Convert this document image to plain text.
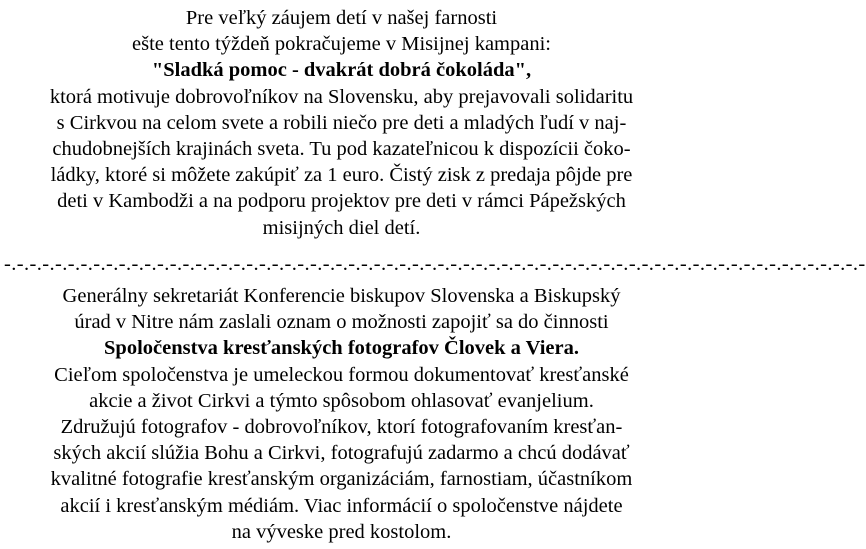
Pre veľký záujem detí v našej farnosti
ešte tento týždeň pokračujeme v Misijnej kampani:
"Sladká pomoc - dvakrát dobrá čokoláda",
ktorá motivuje dobrovoľníkov na Slovensku, aby prejavovali solidaritu
s Cirkvou na celom svete a robili niečo pre deti a mladých ľudí v naj-
chudobnejších krajinách sveta. Tu pod kazateľnicou k dispozícii čoko-
ládky, ktoré si môžete zakúpiť za 1 euro. Čistý zisk z predaja pôjde pre
deti v Kambodži a na podporu projektov pre deti v rámci Pápežských
misijných diel detí.
-.-.-.-.-.-.-.-.-.-.-.-.-.-.-.-.-.-.-.-.-.-.-.-.-.-.-.-.-.-.-.-.-.-.-.-.-.-.-.-.-.-.-.-.-.-.-.-.-.-.-.-.-.-.-.-.-.-.-.-.-.-.-.-.-.-.-.-
Generálny sekretariát Konferencie biskupov Slovenska a Biskupský
úrad v Nitre nám zaslali oznam o možnosti zapojiť sa do činnosti
Spoločenstva kresťanských fotografov Človek a Viera.
Cieľom spoločenstva je umeleckou formou dokumentovať kresťanské
akcie a život Cirkvi a týmto spôsobom ohlasovať evanjelium.
Združujú fotografov - dobrovoľníkov, ktorí fotografovaním kresťan-
ských akcií slúžia Bohu a Cirkvi, fotografujú zadarmo a chcú dodávať
kvalitné fotografie kresťanským organizáciám, farnostiam, účastníkom
akcií i kresťanským médiám. Viac informácií o spoločenstve nájdete
na výveske pred kostolom.
